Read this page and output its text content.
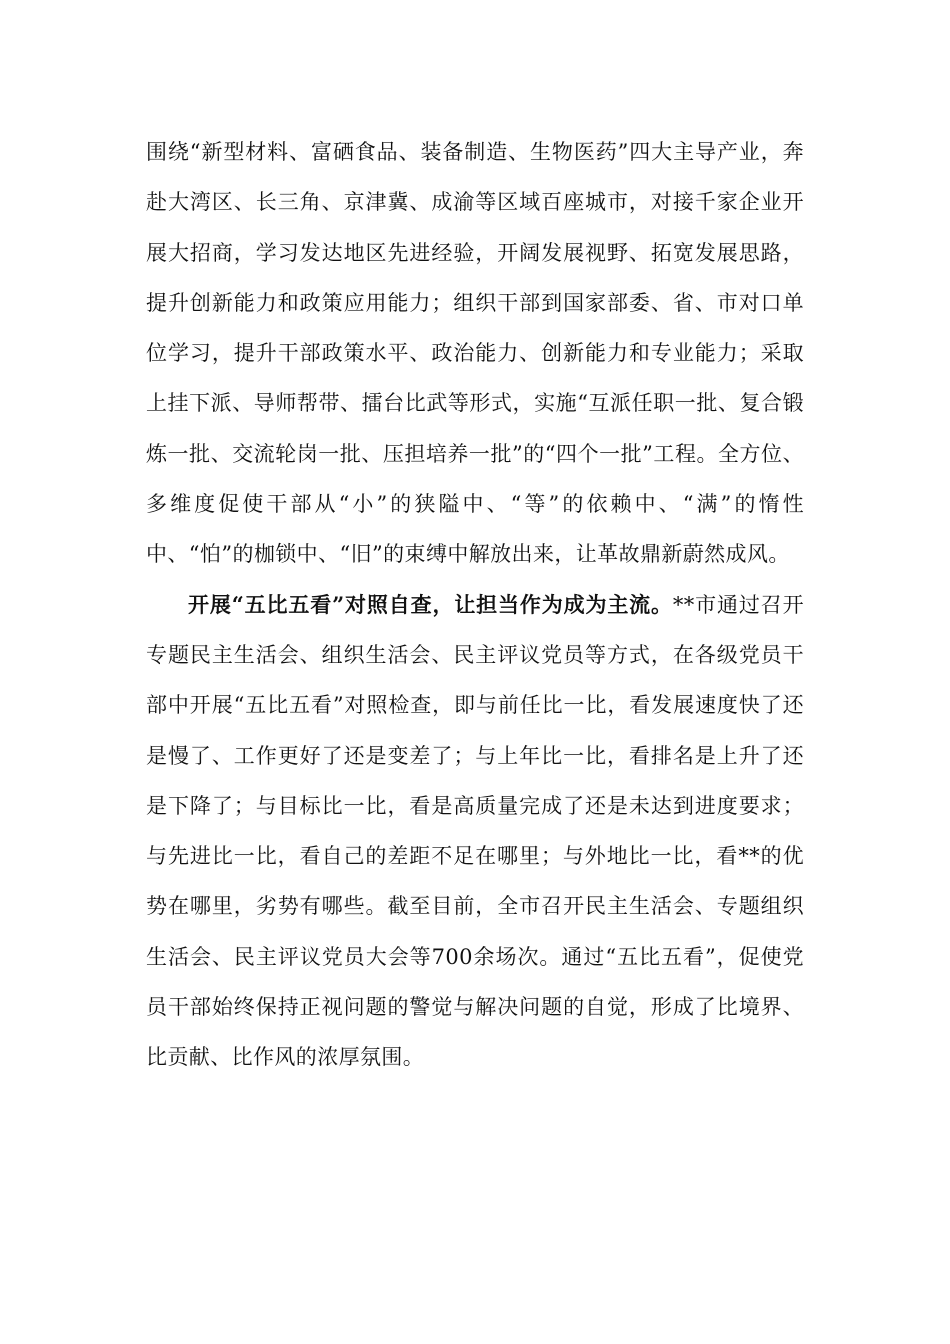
围绕“新型材料、富硒食品、装备制造、生物医药”四大主导产业，奔赴大湾区、长三角、京津冀、成渝等区域百座城市，对接千家企业开展大招商，学习发达地区先进经验，开阔发展视野、拓宽发展思路，提升创新能力和政策应用能力；组织干部到国家部委、省、市对口单位学习，提升干部政策水平、政治能力、创新能力和专业能力；采取上挂下派、导师帮带、擂台比武等形式，实施“互派任职一批、复合锻炼一批、交流轮岗一批、压担培养一批”的“四个一批”工程。全方位、多维度促使干部从“小”的狭隘中、“等”的依赖中、“满”的惰性中、“怕”的枷锁中、“旧”的束缚中解放出来，让革故鼎新蔚然成风。

开展“五比五看”对照自查，让担当作为成为主流。**市通过召开专题民主生活会、组织生活会、民主评议党员等方式，在各级党员干部中开展“五比五看”对照检查，即与前任比一比，看发展速度快了还是慢了、工作更好了还是变差了；与上年比一比，看排名是上升了还是下降了；与目标比一比，看是高质量完成了还是未达到进度要求；与先进比一比，看自己的差距不足在哪里；与外地比一比，看**的优势在哪里，劣势有哪些。截至目前，全市召开民主生活会、专题组织生活会、民主评议党员大会等700余场次。通过“五比五看”，促使党员干部始终保持正视问题的警觉与解决问题的自觉，形成了比境界、比贡献、比作风的浓厚氛围。
